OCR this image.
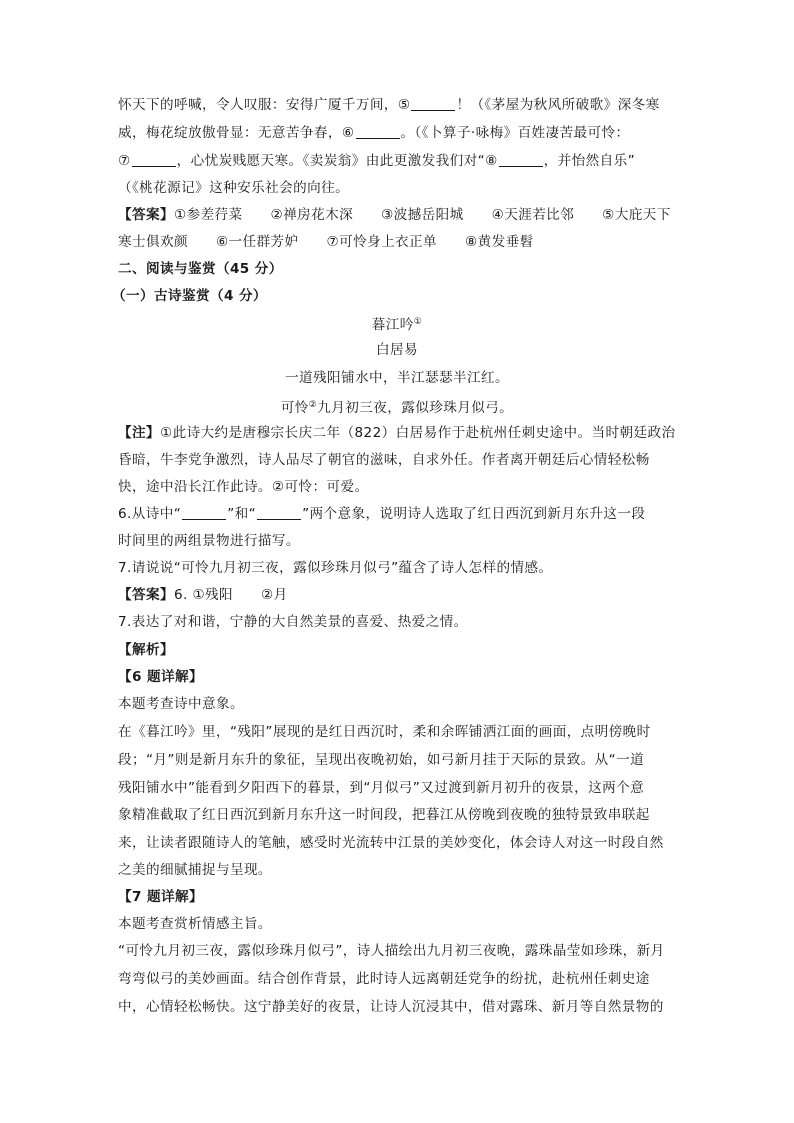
怀天下的呼喊，令人叹服：安得广厦千万间，⑤	！（《茅屋为秋风所破歌》深冬寒
威，梅花绽放傲骨显：无意苦争春，⑥	。（《卜算子·咏梅》百姓凄苦最可怜：
⑦	，心忧炭贱愿天寒。《卖炭翁》由此更激发我们对“⑧	，并怡然自乐”
（《桃花源记》这种安乐社会的向往。
【答案】①参差荇菜　　②禅房花木深　　③波撼岳阳城　　④天涯若比邻　　⑤大庇天下
寒士俱欢颜　　⑥一任群芳妒　　⑦可怜身上衣正单　　⑧黄发垂髫
二、阅读与鉴赏（45 分）
（一）古诗鉴赏（4 分）
暮江吟①
白居易
一道残阳铺水中，半江瑟瑟半江红。
可怜②九月初三夜，露似珍珠月似弓。
【注】①此诗大约是唐穆宗长庆二年（822）白居易作于赴杭州任刺史途中。当时朝廷政治
昏暗，牛李党争激烈，诗人品尽了朝官的滋味，自求外任。作者离开朝廷后心情轻松畅
快，途中沿长江作此诗。②可怜：可爱。
6.从诗中“	”和“	”两个意象，说明诗人选取了红日西沉到新月东升这一段
时间里的两组景物进行描写。
7.请说说“可怜九月初三夜，露似珍珠月似弓”蕴含了诗人怎样的情感。
【答案】6. ①残阳　　②月
7.表达了对和谐，宁静的大自然美景的喜爱、热爱之情。
【解析】
【6 题详解】
本题考查诗中意象。
在《暮江吟》里，“残阳”展现的是红日西沉时，柔和余晖铺洒江面的画面，点明傍晚时
段；“月”则是新月东升的象征，呈现出夜晚初始，如弓新月挂于天际的景致。从“一道
残阳铺水中”能看到夕阳西下的暮景，到“月似弓”又过渡到新月初升的夜景，这两个意
象精准截取了红日西沉到新月东升这一时间段，把暮江从傍晚到夜晚的独特景致串联起
来，让读者跟随诗人的笔触，感受时光流转中江景的美妙变化，体会诗人对这一时段自然
之美的细腻捕捉与呈现。
【7 题详解】
本题考查赏析情感主旨。
“可怜九月初三夜，露似珍珠月似弓”，诗人描绘出九月初三夜晚，露珠晶莹如珍珠，新月
弯弯似弓的美妙画面。结合创作背景，此时诗人远离朝廷党争的纷扰，赴杭州任刺史途
中，心情轻松畅快。这宁静美好的夜景，让诗人沉浸其中，借对露珠、新月等自然景物的
